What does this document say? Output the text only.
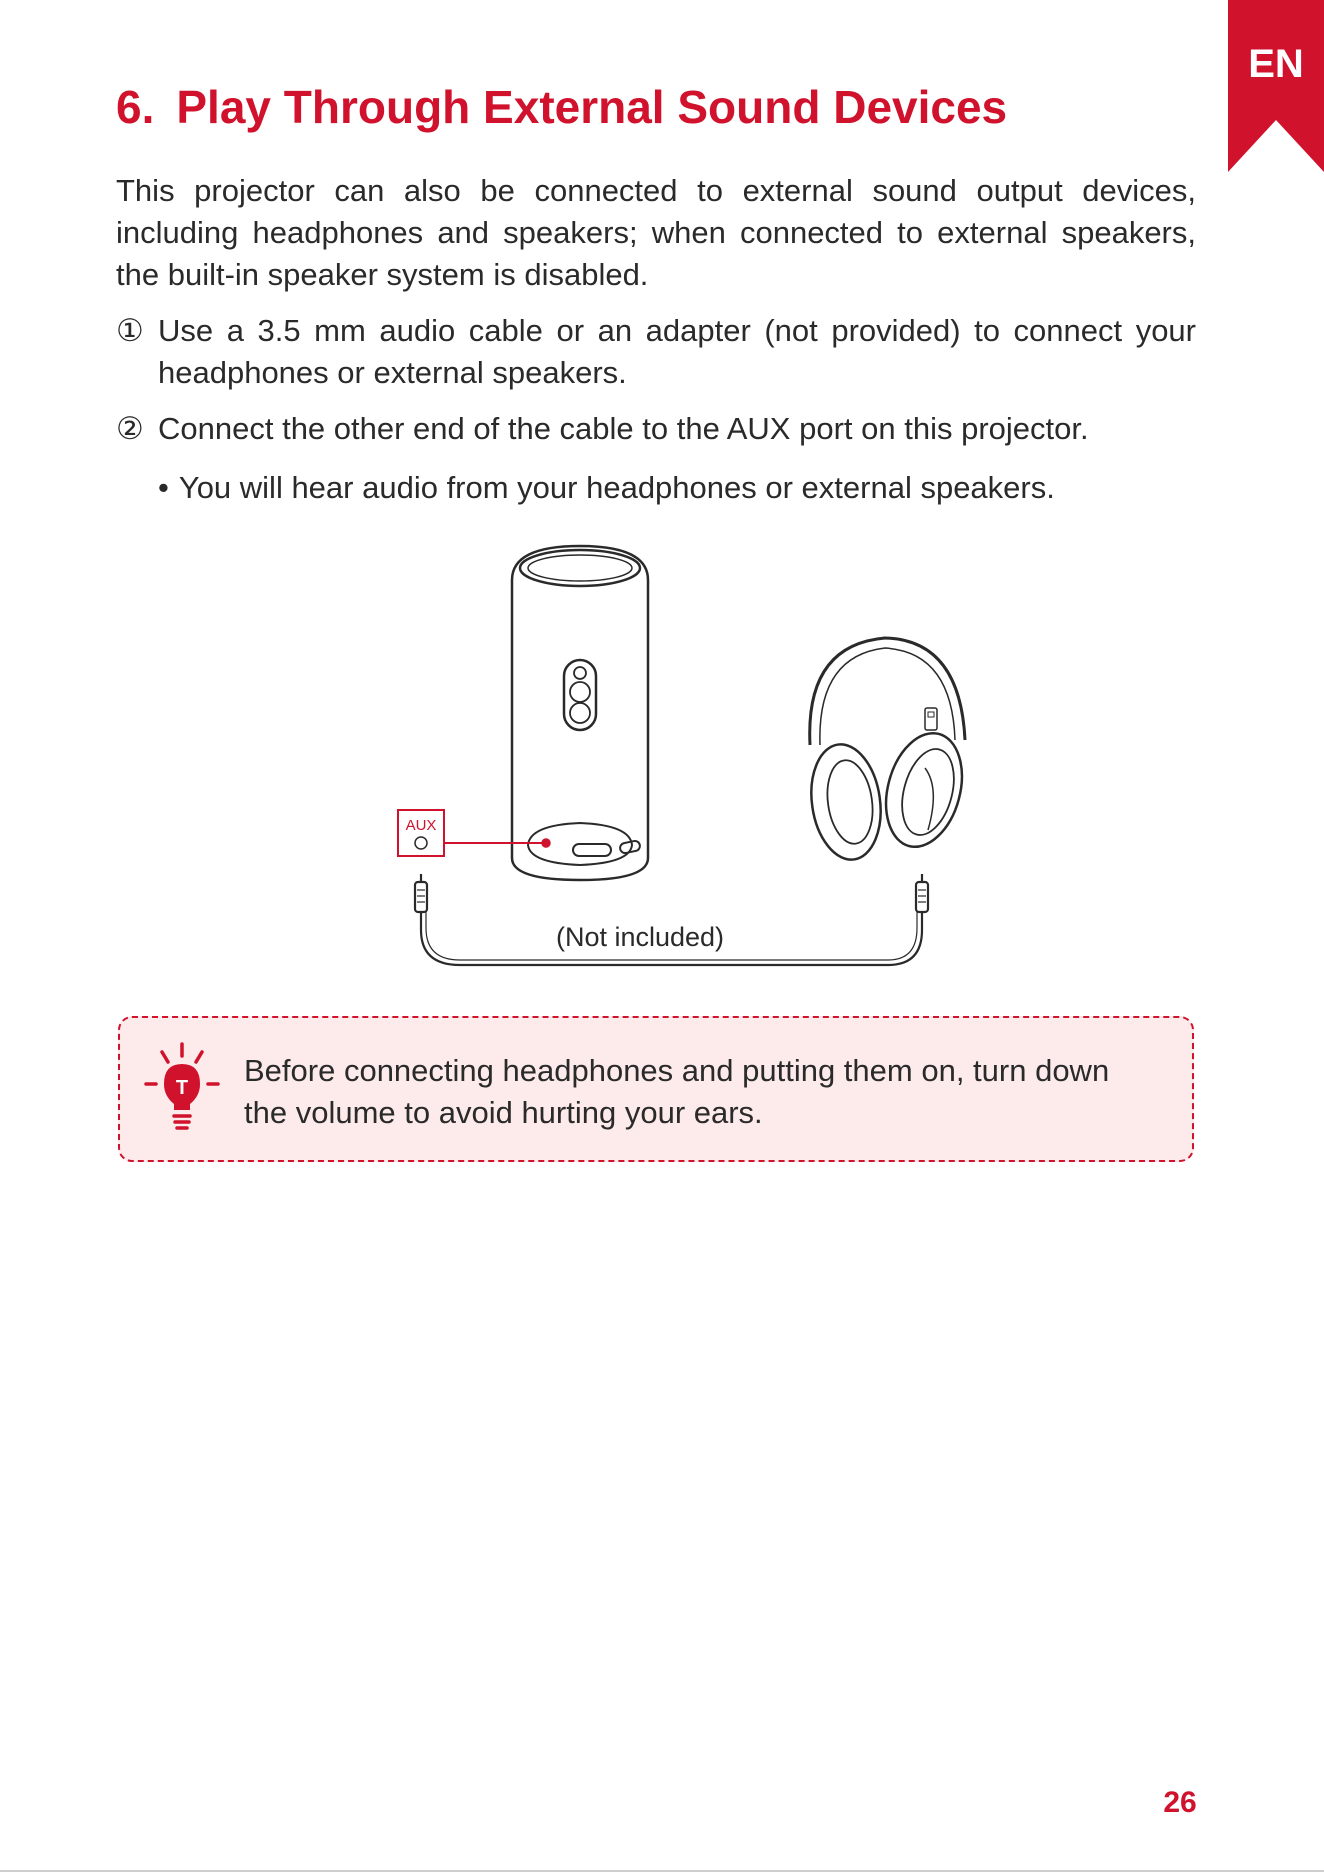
EN
6. Play Through External Sound Devices

This projector can also be connected to external sound output devices, including headphones and speakers; when connected to external speakers, the built-in speaker system is disabled.

① Use a 3.5 mm audio cable or an adapter (not provided) to connect your headphones or external speakers.
② Connect the other end of the cable to the AUX port on this projector.
• You will hear audio from your headphones or external speakers.
AUX
(Not included)
T Before connecting headphones and putting them on, turn down the volume to avoid hurting your ears.
26
